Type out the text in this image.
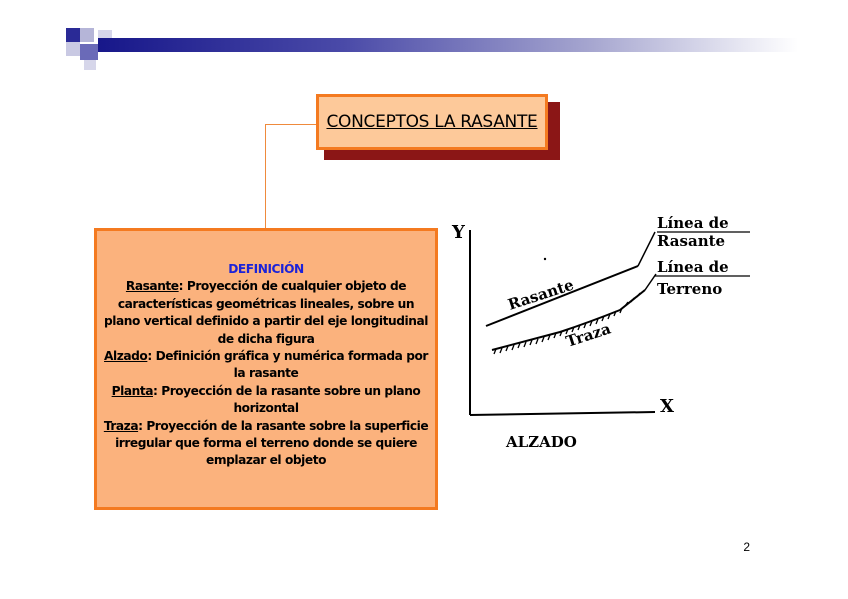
CONCEPTOS LA RASANTE
DEFINICIÓN
Rasante: Proyección de cualquier objeto de características geométricas lineales, sobre un plano vertical definido a partir del eje longitudinal de dicha figura
Alzado: Definición gráfica y numérica formada por la rasante
Planta: Proyección de la rasante sobre un plano horizontal
Traza: Proyección de la rasante sobre la superficie irregular que forma el terreno donde se quiere emplazar el objeto
Y
X
Rasante
Traza
Línea de
Rasante
Línea de
Terreno
ALZADO
2
